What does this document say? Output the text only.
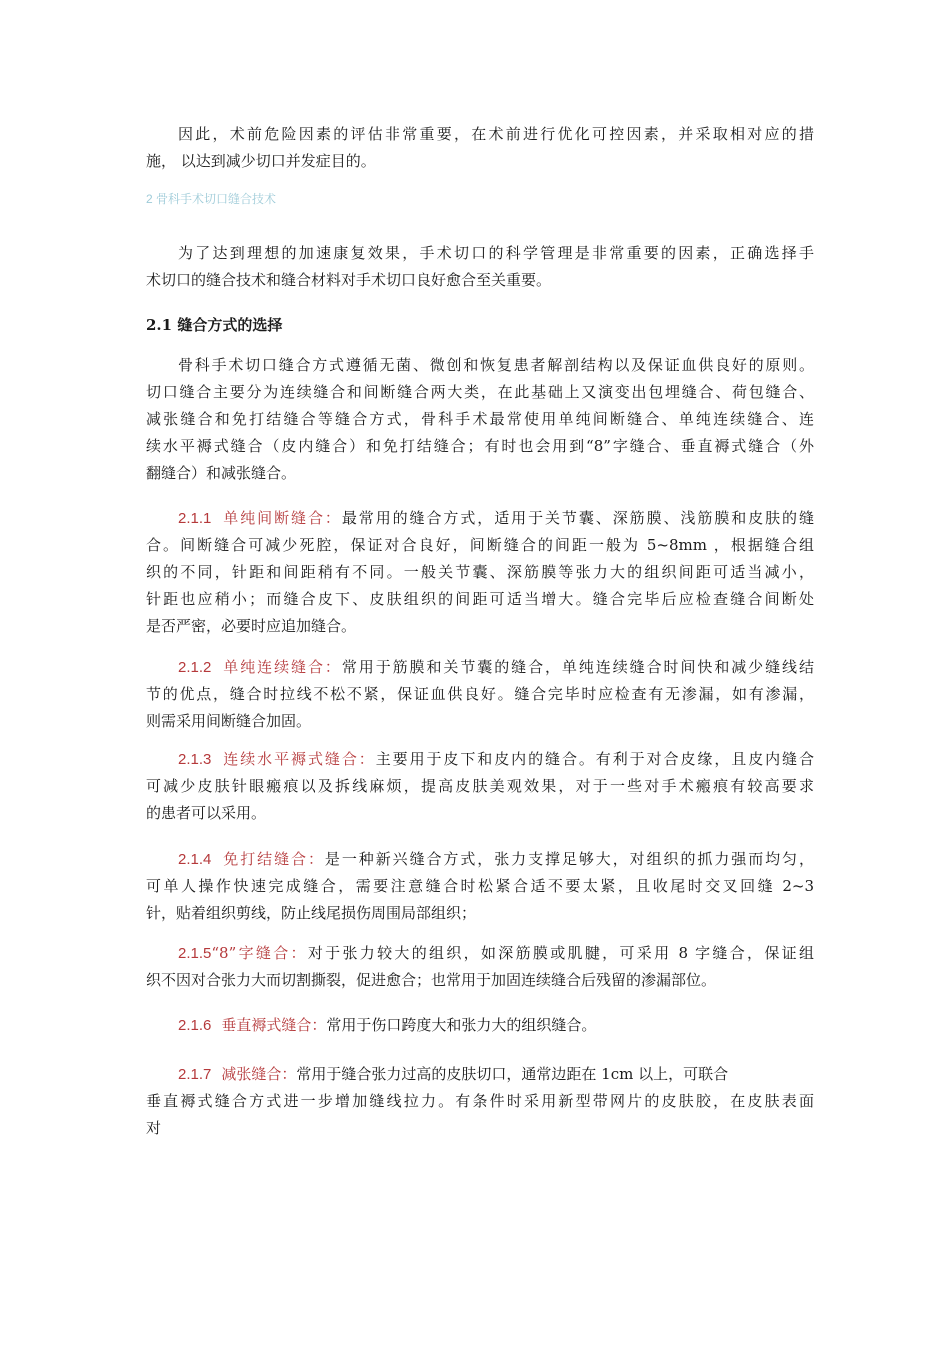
因此，术前危险因素的评估非常重要，在术前进行优化可控因素，并采取相对应的措
施， 以达到减少切口并发症目的。
2 骨科手术切口缝合技术
为了达到理想的加速康复效果，手术切口的科学管理是非常重要的因素，正确选择手
术切口的缝合技术和缝合材料对手术切口良好愈合至关重要。
2.1 缝合方式的选择
骨科手术切口缝合方式遵循无菌、微创和恢复患者解剖结构以及保证血供良好的原则。
切口缝合主要分为连续缝合和间断缝合两大类，在此基础上又演变出包埋缝合、荷包缝合、
减张缝合和免打结缝合等缝合方式，骨科手术最常使用单纯间断缝合、单纯连续缝合、连
续水平褥式缝合（皮内缝合）和免打结缝合；有时也会用到“8”字缝合、垂直褥式缝合（外
翻缝合）和减张缝合。
2.1.1 单纯间断缝合：最常用的缝合方式，适用于关节囊、深筋膜、浅筋膜和皮肤的缝
合。间断缝合可减少死腔，保证对合良好，间断缝合的间距一般为 5~8mm ，根据缝合组
织的不同，针距和间距稍有不同。一般关节囊、深筋膜等张力大的组织间距可适当减小，
针距也应稍小；而缝合皮下、皮肤组织的间距可适当增大。缝合完毕后应检查缝合间断处
是否严密，必要时应追加缝合。
2.1.2 单纯连续缝合：常用于筋膜和关节囊的缝合，单纯连续缝合时间快和减少缝线结
节的优点，缝合时拉线不松不紧，保证血供良好。缝合完毕时应检查有无渗漏，如有渗漏，
则需采用间断缝合加固。
2.1.3 连续水平褥式缝合：主要用于皮下和皮内的缝合。有利于对合皮缘，且皮内缝合
可减少皮肤针眼瘢痕以及拆线麻烦，提高皮肤美观效果，对于一些对手术瘢痕有较高要求
的患者可以采用。
2.1.4 免打结缝合：是一种新兴缝合方式，张力支撑足够大，对组织的抓力强而均匀，
可单人操作快速完成缝合，需要注意缝合时松紧合适不要太紧，且收尾时交叉回缝 2~3
针，贴着组织剪线，防止线尾损伤周围局部组织；
2.1.5“8”字缝合：对于张力较大的组织，如深筋膜或肌腱，可采用 8 字缝合，保证组
织不因对合张力大而切割撕裂，促进愈合；也常用于加固连续缝合后残留的渗漏部位。
2.1.6 垂直褥式缝合：常用于伤口跨度大和张力大的组织缝合。
2.1.7 减张缝合：常用于缝合张力过高的皮肤切口，通常边距在 1cm 以上，可联合
垂直褥式缝合方式进一步增加缝线拉力。有条件时采用新型带网片的皮肤胶，在皮肤表面
对
